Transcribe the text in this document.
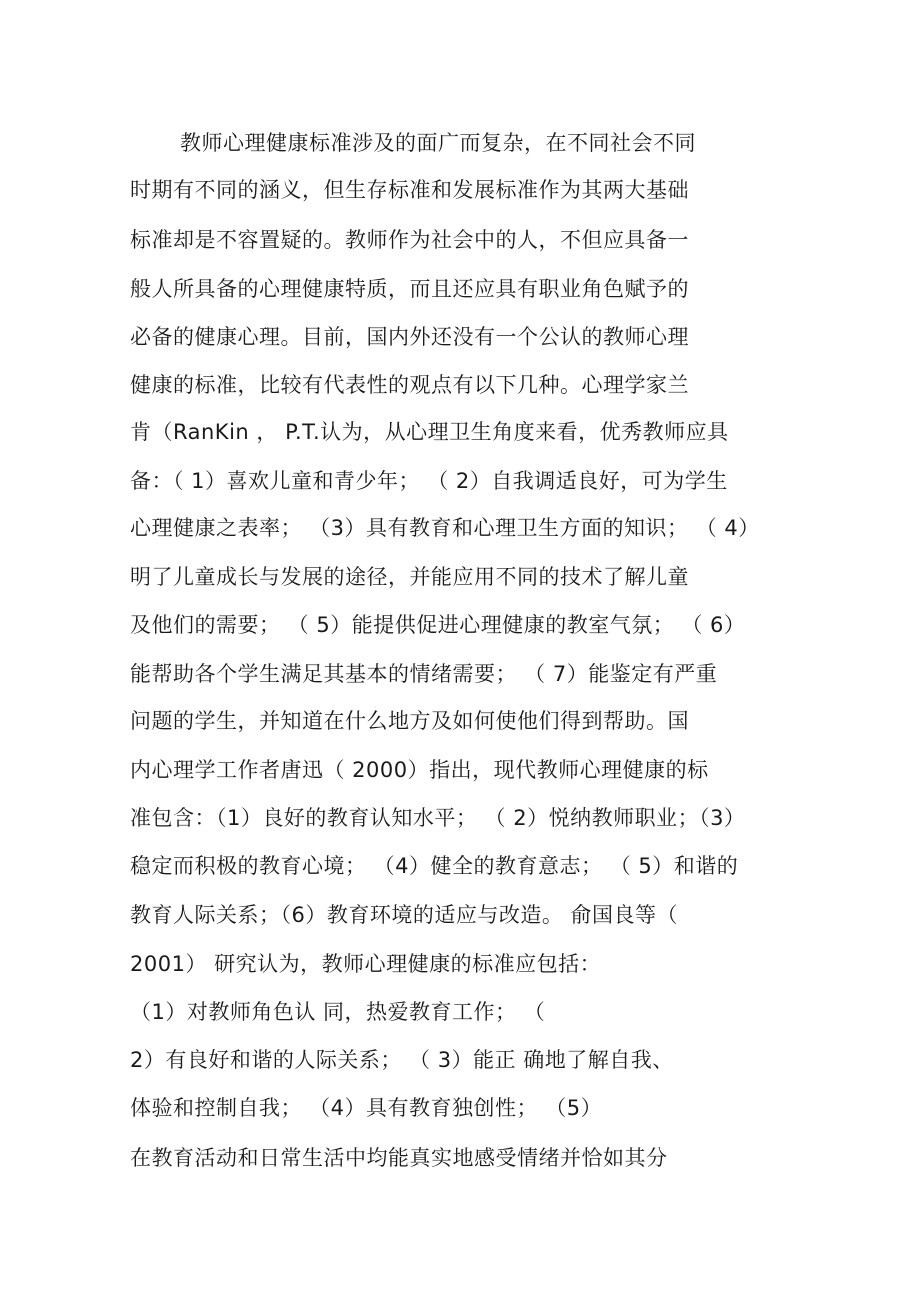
教师心理健康标准涉及的面广而复杂，在不同社会不同
时期有不同的涵义，但生存标准和发展标准作为其两大基础
标准却是不容置疑的。教师作为社会中的人，不但应具备一
般人所具备的心理健康特质，而且还应具有职业角色赋予的
必备的健康心理。目前，国内外还没有一个公认的教师心理
健康的标准，比较有代表性的观点有以下几种。心理学家兰
肯（RanKin ， P.T.认为，从心理卫生角度来看，优秀教师应具
备：（ 1）喜欢儿童和青少年； （ 2）自我调适良好，可为学生
心理健康之表率； （3）具有教育和心理卫生方面的知识； （ 4）
明了儿童成长与发展的途径，并能应用不同的技术了解儿童
及他们的需要； （ 5）能提供促进心理健康的教室气氛； （ 6）
能帮助各个学生满足其基本的情绪需要； （ 7）能鉴定有严重
问题的学生，并知道在什么地方及如何使他们得到帮助。国
内心理学工作者唐迅（ 2000）指出，现代教师心理健康的标
准包含：（1）良好的教育认知水平； （ 2）悦纳教师职业；（3）
稳定而积极的教育心境； （4）健全的教育意志； （ 5）和谐的
教育人际关系；（6）教育环境的适应与改造。 俞国良等（
2001） 研究认为，教师心理健康的标准应包括：
（1）对教师角色认 同，热爱教育工作； （
2）有良好和谐的人际关系； （ 3）能正 确地了解自我、
体验和控制自我； （4）具有教育独创性； （5）
在教育活动和日常生活中均能真实地感受情绪并恰如其分
